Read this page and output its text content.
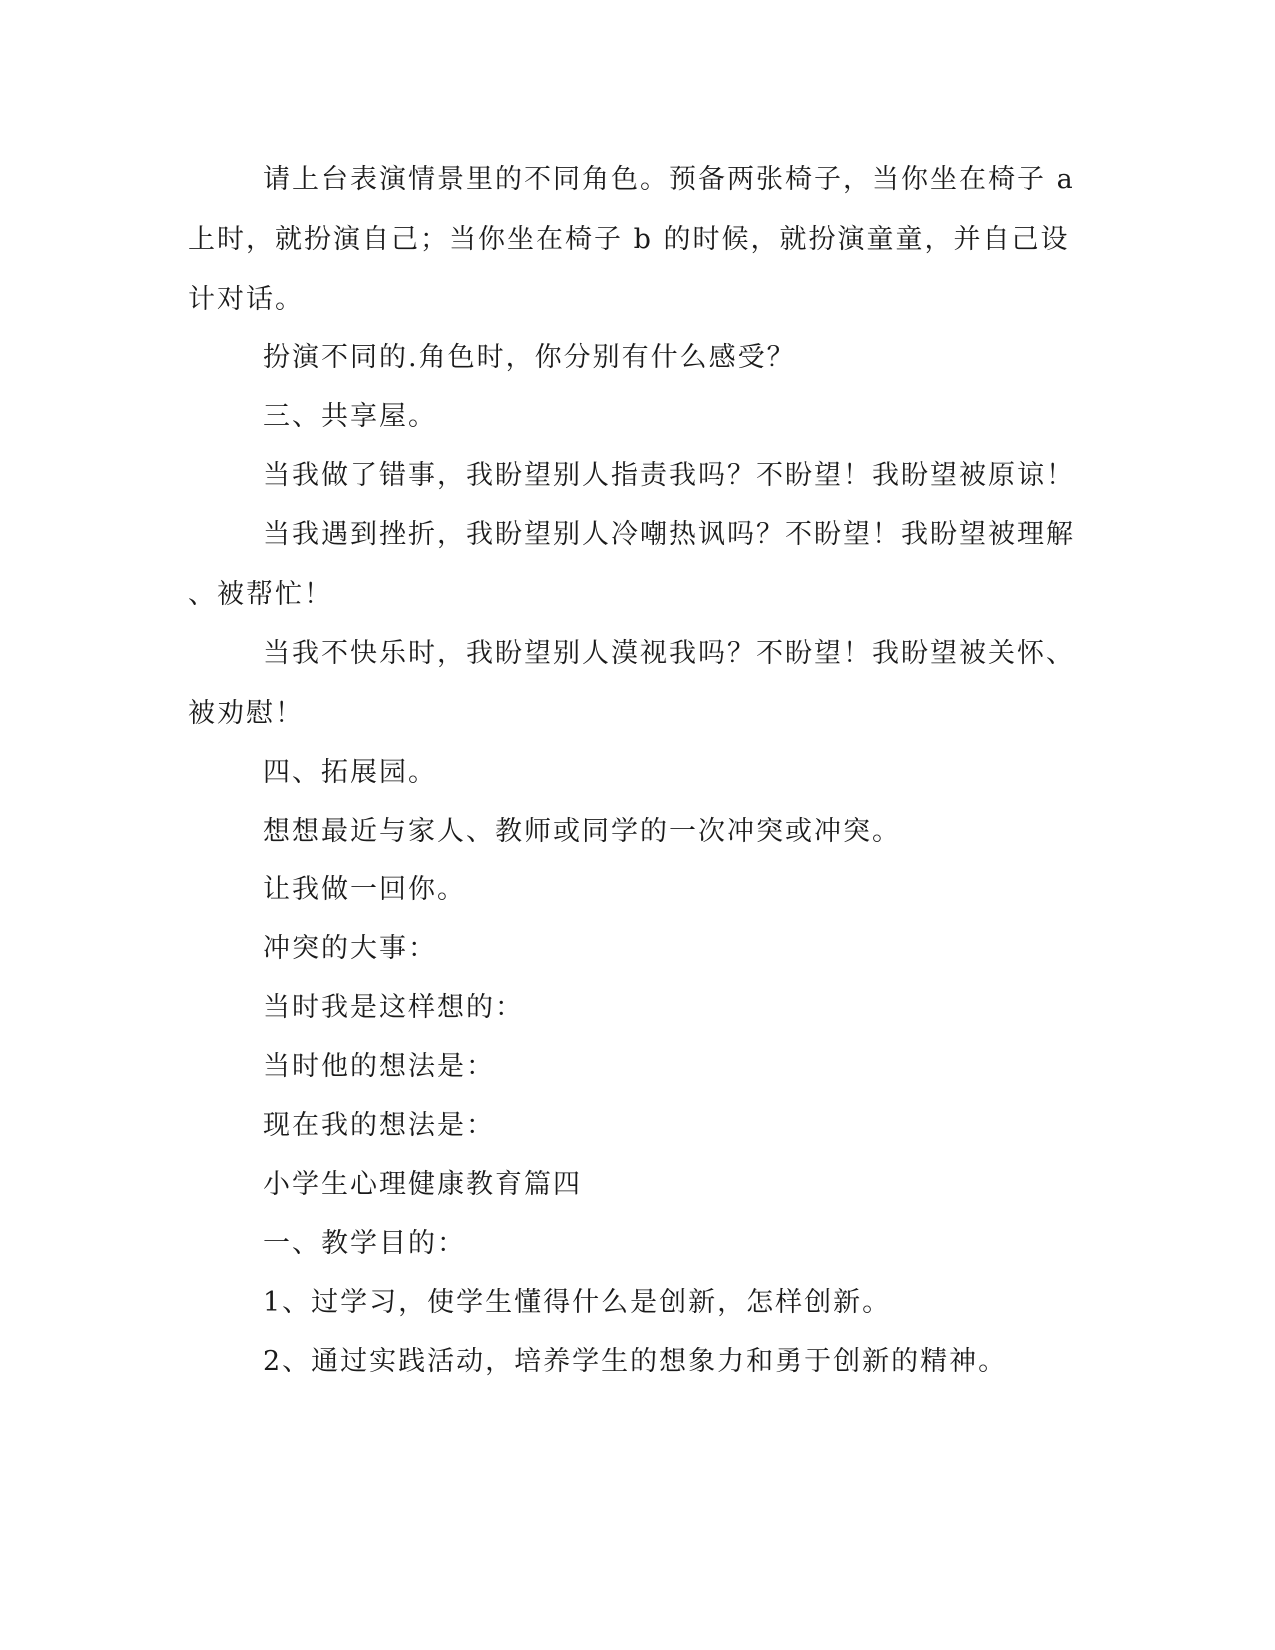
请上台表演情景里的不同角色。预备两张椅子，当你坐在椅子 a
上时，就扮演自己；当你坐在椅子 b 的时候，就扮演童童，并自己设
计对话。

扮演不同的.角色时，你分别有什么感受？

三、共享屋。

当我做了错事，我盼望别人指责我吗？不盼望！我盼望被原谅！

当我遇到挫折，我盼望别人冷嘲热讽吗？不盼望！我盼望被理解
、被帮忙！

当我不快乐时，我盼望别人漠视我吗？不盼望！我盼望被关怀、
被劝慰！

四、拓展园。

想想最近与家人、教师或同学的一次冲突或冲突。

让我做一回你。

冲突的大事：

当时我是这样想的：

当时他的想法是：

现在我的想法是：

小学生心理健康教育篇四

一、教学目的：

1、过学习，使学生懂得什么是创新，怎样创新。

2、通过实践活动，培养学生的想象力和勇于创新的精神。
